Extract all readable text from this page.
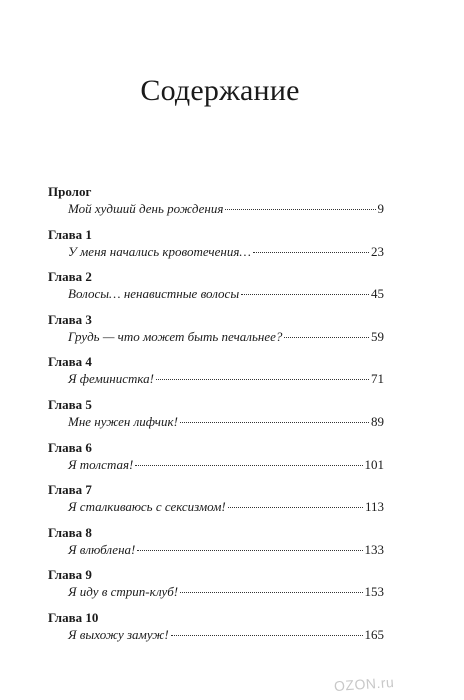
Содержание
Пролог
Мой худший день рождения	9
Глава 1
У меня начались кровотечения…	23
Глава 2
Волосы… ненавистные волосы	45
Глава 3
Грудь — что может быть печальнее?	59
Глава 4
Я феминистка!	71
Глава 5
Мне нужен лифчик!	89
Глава 6
Я толстая!	101
Глава 7
Я сталкиваюсь с сексизмом!	113
Глава 8
Я влюблена!	133
Глава 9
Я иду в стрип-клуб!	153
Глава 10
Я выхожу замуж!	165
OZON.ru
